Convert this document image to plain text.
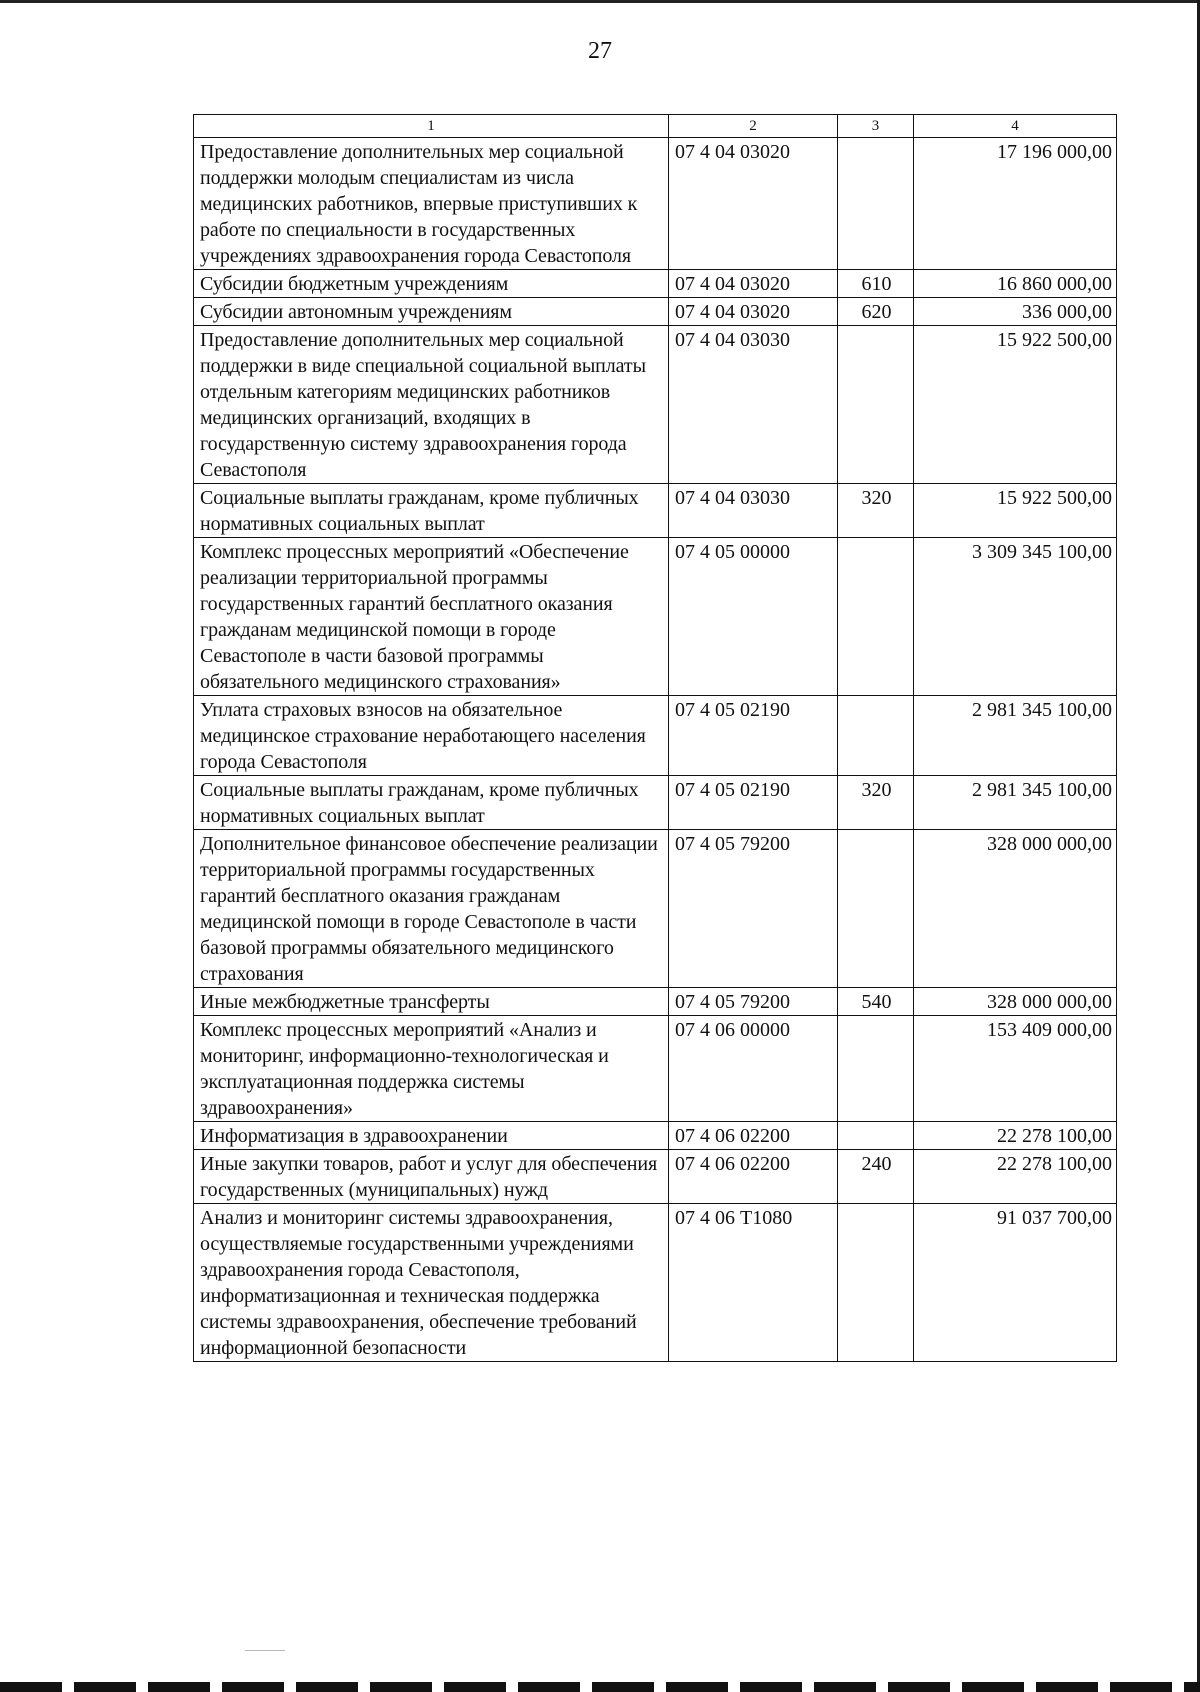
27
1	2	3	4
Предоставление дополнительных мер социальной поддержки молодым специалистам из числа медицинских работников, впервые приступивших к работе по специальности в государственных учреждениях здравоохранения города Севастополя	07 4 04 03020		17 196 000,00
Субсидии бюджетным учреждениям	07 4 04 03020	610	16 860 000,00
Субсидии автономным учреждениям	07 4 04 03020	620	336 000,00
Предоставление дополнительных мер социальной поддержки в виде специальной социальной выплаты отдельным категориям медицинских работников медицинских организаций, входящих в государственную систему здравоохранения города Севастополя	07 4 04 03030		15 922 500,00
Социальные выплаты гражданам, кроме публичных нормативных социальных выплат	07 4 04 03030	320	15 922 500,00
Комплекс процессных мероприятий «Обеспечение реализации территориальной программы государственных гарантий бесплатного оказания гражданам медицинской помощи в городе Севастополе в части базовой программы обязательного медицинского страхования»	07 4 05 00000		3 309 345 100,00
Уплата страховых взносов на обязательное медицинское страхование неработающего населения города Севастополя	07 4 05 02190		2 981 345 100,00
Социальные выплаты гражданам, кроме публичных нормативных социальных выплат	07 4 05 02190	320	2 981 345 100,00
Дополнительное финансовое обеспечение реализации территориальной программы государственных гарантий бесплатного оказания гражданам медицинской помощи в городе Севастополе в части базовой программы обязательного медицинского страхования	07 4 05 79200		328 000 000,00
Иные межбюджетные трансферты	07 4 05 79200	540	328 000 000,00
Комплекс процессных мероприятий «Анализ и мониторинг, информационно-технологическая и эксплуатационная поддержка системы здравоохранения»	07 4 06 00000		153 409 000,00
Информатизация в здравоохранении	07 4 06 02200		22 278 100,00
Иные закупки товаров, работ и услуг для обеспечения государственных (муниципальных) нужд	07 4 06 02200	240	22 278 100,00
Анализ и мониторинг системы здравоохранения, осуществляемые государственными учреждениями здравоохранения города Севастополя, информатизационная и техническая поддержка системы здравоохранения, обеспечение требований информационной безопасности	07 4 06 Т1080		91 037 700,00
